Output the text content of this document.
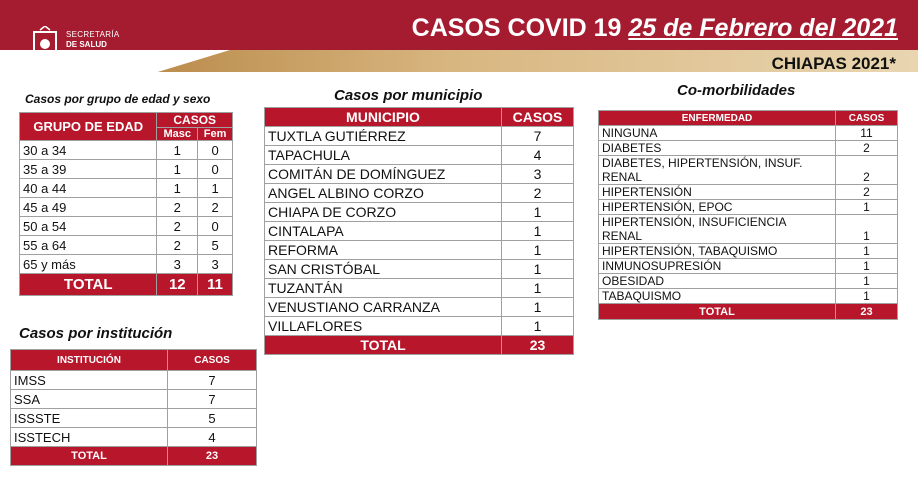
SECRETARÍA
DE SALUD
GOBIERNO DE CHIAPAS
CASOS COVID 19 25 de Febrero del 2021
CHIAPAS 2021*
Casos por grupo de edad y sexo	Casos por municipio	Co-morbilidades
Casos por institución
GRUPO DE EDAD	CASOS	
	Masc	Fem
30 a 34	1	0
35 a 39	1	0
40 a 44	1	1
45 a 49	2	2
50 a 54	2	0
55 a 64	2	5
65 y más	3	3
TOTAL	12	11
MUNICIPIO	CASOS
TUXTLA GUTIÉRREZ	7
TAPACHULA	4
COMITÁN DE DOMÍNGUEZ	3
ANGEL ALBINO CORZO	2
CHIAPA DE CORZO	1
CINTALAPA	1
REFORMA	1
SAN CRISTÓBAL	1
TUZANTÁN	1
VENUSTIANO CARRANZA	1
VILLAFLORES	1
TOTAL	23
ENFERMEDAD	CASOS
NINGUNA	11
DIABETES	2

DIABETES, HIPERTENSIÓN, INSUF.
RENAL	2
HIPERTENSIÓN	2
HIPERTENSIÓN, EPOC	1

HIPERTENSIÓN, INSUFICIENCIA
RENAL	1
HIPERTENSIÓN, TABAQUISMO	1
INMUNOSUPRESIÓN	1
OBESIDAD	1
TABAQUISMO	1
TOTAL	23
INSTITUCIÓN	CASOS
IMSS	7
SSA	7
ISSSTE	5
ISSTECH	4
TOTAL	23
